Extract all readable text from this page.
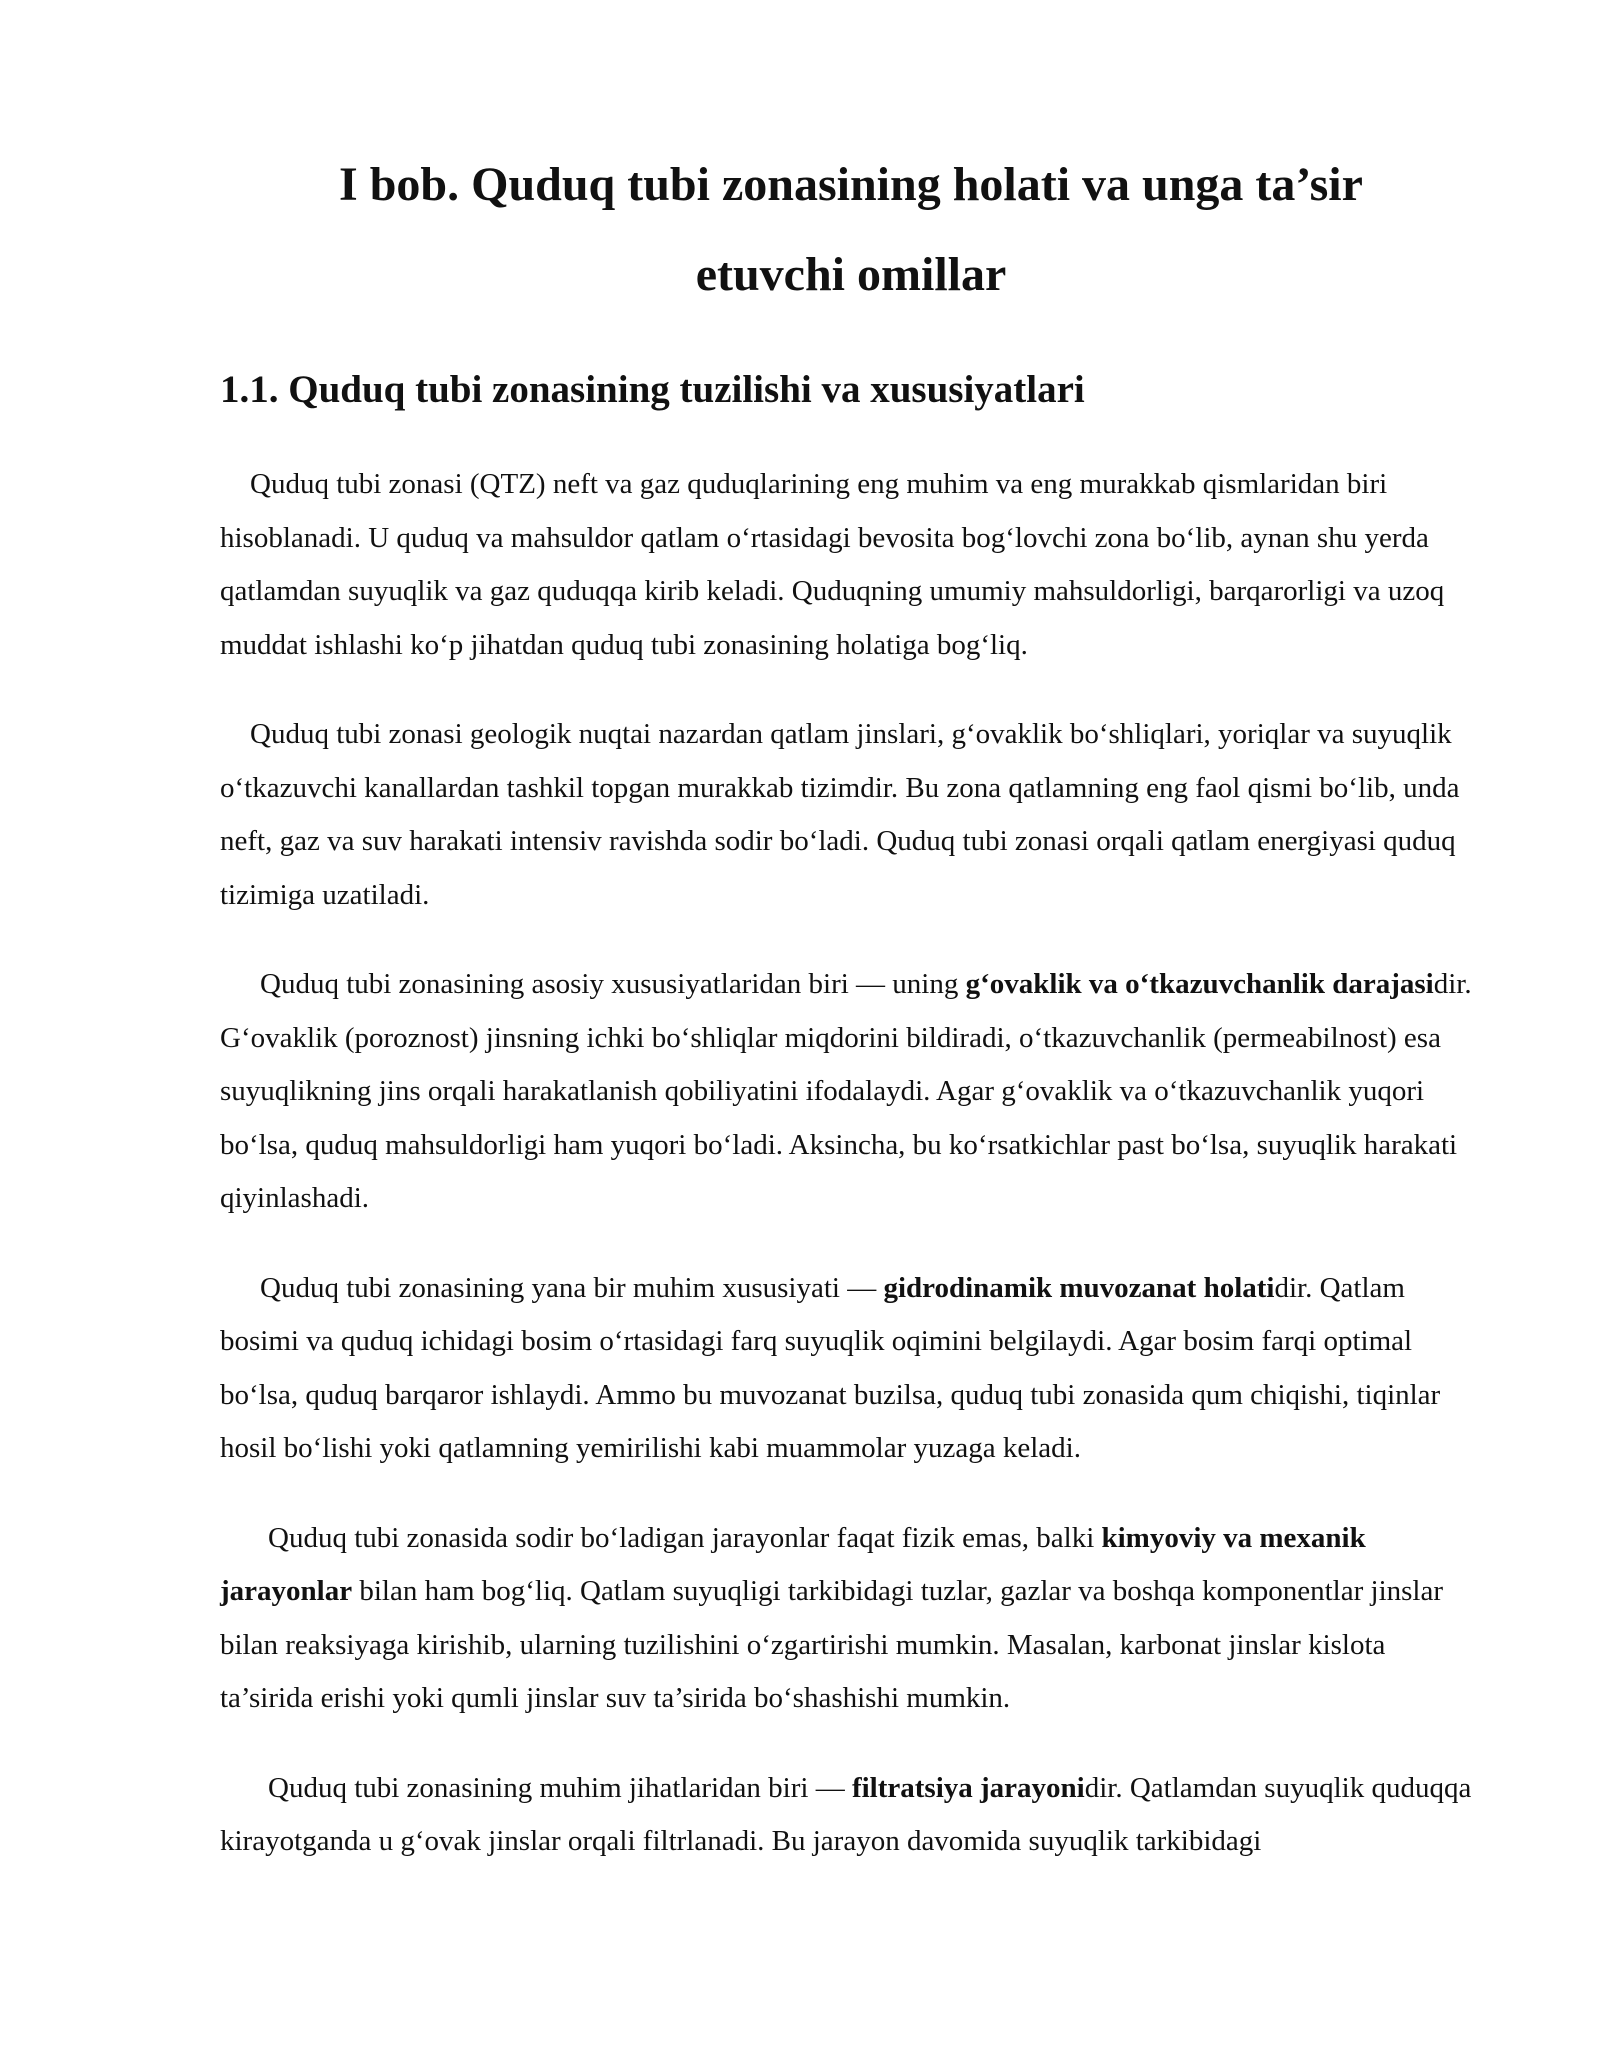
I bob. Quduq tubi zonasining holati va unga ta’sir
etuvchi omillar
1.1. Quduq tubi zonasining tuzilishi va xususiyatlari

Quduq tubi zonasi (QTZ) neft va gaz quduqlarining eng muhim va eng murakkab qismlaridan biri hisoblanadi. U quduq va mahsuldor qatlam oʻrtasidagi bevosita bogʻlovchi zona boʻlib, aynan shu yerda qatlamdan suyuqlik va gaz quduqqa kirib keladi. Quduqning umumiy mahsuldorligi, barqarorligi va uzoq muddat ishlashi koʻp jihatdan quduq tubi zonasining holatiga bogʻliq.

Quduq tubi zonasi geologik nuqtai nazardan qatlam jinslari, gʻovaklik boʻshliqlari, yoriqlar va suyuqlik oʻtkazuvchi kanallardan tashkil topgan murakkab tizimdir. Bu zona qatlamning eng faol qismi boʻlib, unda neft, gaz va suv harakati intensiv ravishda sodir boʻladi. Quduq tubi zonasi orqali qatlam energiyasi quduq tizimiga uzatiladi.

Quduq tubi zonasining asosiy xususiyatlaridan biri — uning gʻovaklik va oʻtkazuvchanlik darajasidir. Gʻovaklik (poroznost) jinsning ichki boʻshliqlar miqdorini bildiradi, oʻtkazuvchanlik (permeabilnost) esa suyuqlikning jins orqali harakatlanish qobiliyatini ifodalaydi. Agar gʻovaklik va oʻtkazuvchanlik yuqori boʻlsa, quduq mahsuldorligi ham yuqori boʻladi. Aksincha, bu koʻrsatkichlar past boʻlsa, suyuqlik harakati qiyinlashadi.

Quduq tubi zonasining yana bir muhim xususiyati — gidrodinamik muvozanat holatidir. Qatlam bosimi va quduq ichidagi bosim oʻrtasidagi farq suyuqlik oqimini belgilaydi. Agar bosim farqi optimal boʻlsa, quduq barqaror ishlaydi. Ammo bu muvozanat buzilsa, quduq tubi zonasida qum chiqishi, tiqinlar hosil boʻlishi yoki qatlamning yemirilishi kabi muammolar yuzaga keladi.

Quduq tubi zonasida sodir boʻladigan jarayonlar faqat fizik emas, balki kimyoviy va mexanik jarayonlar bilan ham bogʻliq. Qatlam suyuqligi tarkibidagi tuzlar, gazlar va boshqa komponentlar jinslar bilan reaksiyaga kirishib, ularning tuzilishini oʻzgartirishi mumkin. Masalan, karbonat jinslar kislota ta’sirida erishi yoki qumli jinslar suv ta’sirida boʻshashishi mumkin.

Quduq tubi zonasining muhim jihatlaridan biri — filtratsiya jarayonidir. Qatlamdan suyuqlik quduqqa kirayotganda u gʻovak jinslar orqali filtrlanadi. Bu jarayon davomida suyuqlik tarkibidagi
